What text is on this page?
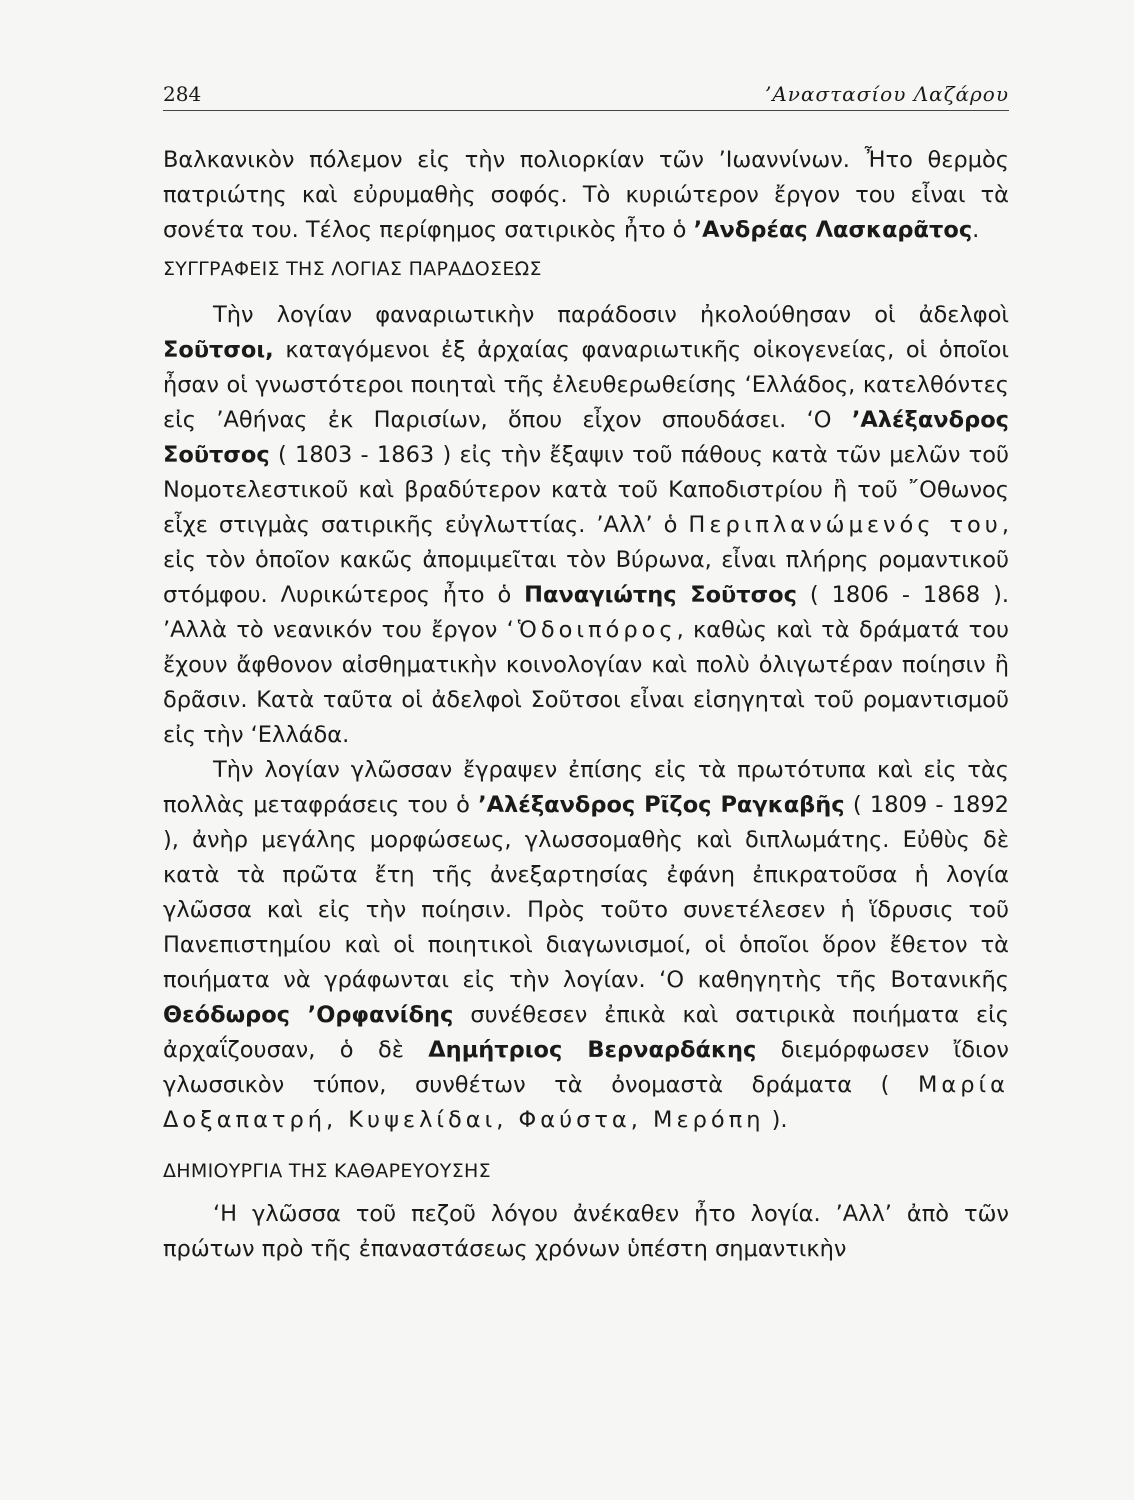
284	’Αναστασίου Λαζάρου

Βαλκανικὸν πόλεμον εἰς τὴν πολιορκίαν τῶν ’Ιωαννίνων. Ἦτο θερμὸς πατριώτης καὶ εὐρυμαθὴς σοφός. Τὸ κυριώτερον ἔργον του εἶναι τὰ σονέτα του. Τέλος περίφημος σατιρικὸς ἦτο ὁ ’Ανδρέας Λασκαρᾶτος.

ΣΥΓΓΡΑΦΕΙΣ ΤΗΣ ΛΟΓΙΑΣ ΠΑΡΑΔΟΣΕΩΣ

Τὴν λογίαν φαναριωτικὴν παράδοσιν ἠκολούθησαν οἱ ἀδελφοὶ Σοῦτσοι, καταγόμενοι ἐξ ἀρχαίας φαναριωτικῆς οἰκογενείας, οἱ ὁποῖοι ἦσαν οἱ γνωστότεροι ποιηταὶ τῆς ἐλευθερωθείσης ‘Ελλάδος, κατελθόντες εἰς ’Αθήνας ἐκ Παρισίων, ὅπου εἶχον σπουδάσει. ‘Ο ’Αλέξανδρος Σοῦτσος ( 1803 - 1863 ) εἰς τὴν ἔξαψιν τοῦ πάθους κατὰ τῶν μελῶν τοῦ Νομοτελεστικοῦ καὶ βραδύτερον κατὰ τοῦ Καποδιστρίου ἢ τοῦ ῎Οθωνος εἶχε στιγμὰς σατιρικῆς εὐγλωττίας. ’Αλλ’ ὁ Περιπλανώμενός του, εἰς τὸν ὁποῖον κακῶς ἀπομιμεῖται τὸν Βύρωνα, εἶναι πλήρης ρομαντικοῦ στόμφου. Λυρικώτερος ἦτο ὁ Παναγιώτης Σοῦτσος ( 1806 - 1868 ). ’Αλλὰ τὸ νεανικόν του ἔργον ‘Ὁδοιπόρος, καθὼς καὶ τὰ δράματά του ἔχουν ἄφθονον αἰσθηματικὴν κοινολογίαν καὶ πολὺ ὀλιγωτέραν ποίησιν ἢ δρᾶσιν. Κατὰ ταῦτα οἱ ἀδελφοὶ Σοῦτσοι εἶναι εἰσηγηταὶ τοῦ ρομαντισμοῦ εἰς τὴν ‘Ελλάδα.

Τὴν λογίαν γλῶσσαν ἔγραψεν ἐπίσης εἰς τὰ πρωτότυπα καὶ εἰς τὰς πολλὰς μεταφράσεις του ὁ ’Αλέξανδρος Ρῖζος Ραγκαβῆς ( 1809 - 1892 ), ἀνὴρ μεγάλης μορφώσεως, γλωσσομαθὴς καὶ διπλωμάτης. Εὐθὺς δὲ κατὰ τὰ πρῶτα ἔτη τῆς ἀνεξαρτησίας ἐφάνη ἐπικρατοῦσα ἡ λογία γλῶσσα καὶ εἰς τὴν ποίησιν. Πρὸς τοῦτο συνετέλεσεν ἡ ἵδρυσις τοῦ Πανεπιστημίου καὶ οἱ ποιητικοὶ διαγωνισμοί, οἱ ὁποῖοι ὅρον ἔθετον τὰ ποιήματα νὰ γράφωνται εἰς τὴν λογίαν. ‘Ο καθηγητὴς τῆς Βοτανικῆς Θεόδωρος ’Ορφανίδης συνέθεσεν ἐπικὰ καὶ σατιρικὰ ποιήματα εἰς ἀρχαΐζουσαν, ὁ δὲ Δημήτριος Βερναρδάκης διεμόρφωσεν ἴδιον γλωσσικὸν τύπον, συνθέτων τὰ ὀνομαστὰ δράματα ( Μαρία Δοξαπατρή, Κυψελίδαι, Φαύστα, Μερόπη ).

ΔΗΜΙΟΥΡΓΙΑ ΤΗΣ ΚΑΘΑΡΕΥΟΥΣΗΣ

‘Η γλῶσσα τοῦ πεζοῦ λόγου ἀνέκαθεν ἦτο λογία. ’Αλλ’ ἀπὸ τῶν πρώτων πρὸ τῆς ἐπαναστάσεως χρόνων ὑπέστη σημαντικὴν
